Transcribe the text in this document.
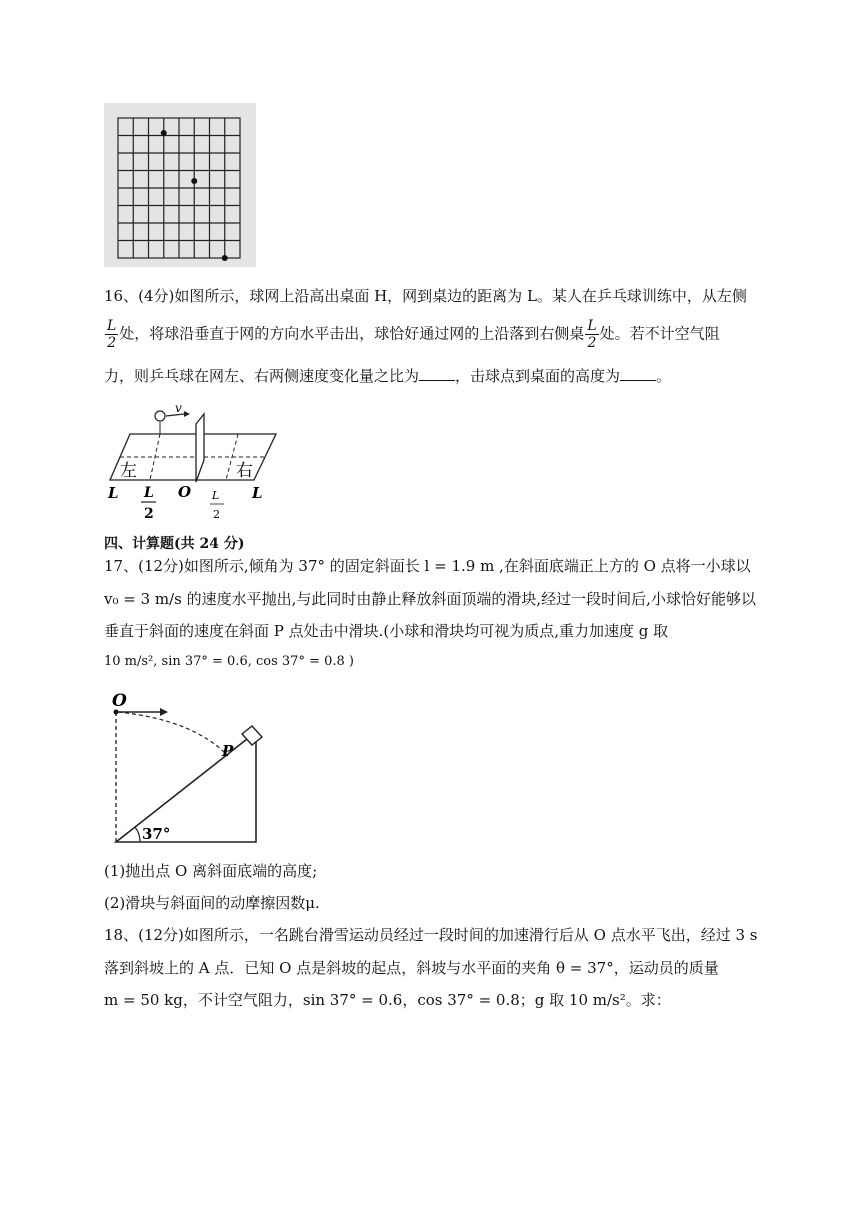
16、(4分)如图所示，球网上沿高出桌面 H，网到桌边的距离为 L。某人在乒乓球训练中，从左侧
$\frac{L}{2}$ 处，将球沿垂直于网的方向水平击出，球恰好通过网的上沿落到右侧桌 $\frac{L}{2}$ 处。若不计空气阻
力，则乒乓球在网左、右两侧速度变化量之比为 ，击球点到桌面的高度为 。
v
左	右
L L
2
O L
2
L
四、计算题(共 24 分)
17、(12分)如图所示,倾角为 37° 的固定斜面长 l = 1.9 m ,在斜面底端正上方的 O 点将一小球以
v₀ = 3 m/s 的速度水平抛出,与此同时由静止释放斜面顶端的滑块,经过一段时间后,小球恰好能够以
垂直于斜面的速度在斜面 P 点处击中滑块.(小球和滑块均可视为质点,重力加速度 g 取
10 m/s², sin 37° = 0.6, cos 37° = 0.8 )
O
P
37°
(1)抛出点 O 离斜面底端的高度;
(2)滑块与斜面间的动摩擦因数μ.
18、(12分)如图所示，一名跳台滑雪运动员经过一段时间的加速滑行后从 O 点水平飞出，经过 3 s
落到斜坡上的 A 点．已知 O 点是斜坡的起点，斜坡与水平面的夹角 θ = 37°，运动员的质量
m = 50 kg，不计空气阻力，sin 37° = 0.6，cos 37° = 0.8；g 取 10 m/s²。求：
